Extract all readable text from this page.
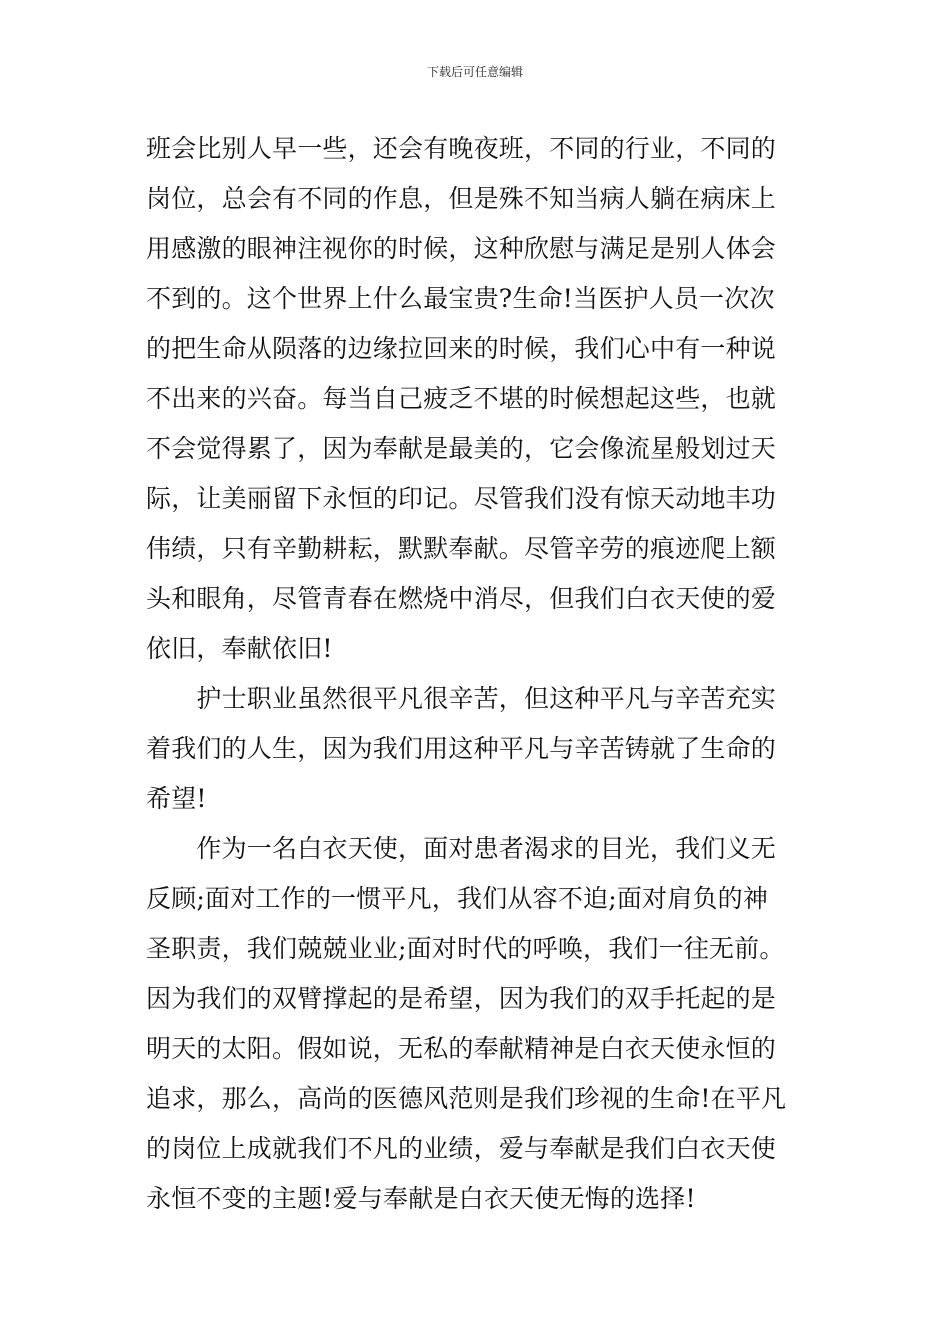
下载后可任意编辑
班会比别人早一些，还会有晚夜班，不同的行业，不同的
岗位，总会有不同的作息，但是殊不知当病人躺在病床上
用感激的眼神注视你的时候，这种欣慰与满足是别人体会
不到的。这个世界上什么最宝贵?生命!当医护人员一次次
的把生命从陨落的边缘拉回来的时候，我们心中有一种说
不出来的兴奋。每当自己疲乏不堪的时候想起这些，也就
不会觉得累了，因为奉献是最美的，它会像流星般划过天
际，让美丽留下永恒的印记。尽管我们没有惊天动地丰功
伟绩，只有辛勤耕耘，默默奉献。尽管辛劳的痕迹爬上额
头和眼角，尽管青春在燃烧中消尽，但我们白衣天使的爱
依旧，奉献依旧!
　　护士职业虽然很平凡很辛苦，但这种平凡与辛苦充实
着我们的人生，因为我们用这种平凡与辛苦铸就了生命的
希望!
　　作为一名白衣天使，面对患者渴求的目光，我们义无
反顾;面对工作的一惯平凡，我们从容不迫;面对肩负的神
圣职责，我们兢兢业业;面对时代的呼唤，我们一往无前。
因为我们的双臂撑起的是希望，因为我们的双手托起的是
明天的太阳。假如说，无私的奉献精神是白衣天使永恒的
追求，那么，高尚的医德风范则是我们珍视的生命!在平凡
的岗位上成就我们不凡的业绩，爱与奉献是我们白衣天使
永恒不变的主题!爱与奉献是白衣天使无悔的选择!
